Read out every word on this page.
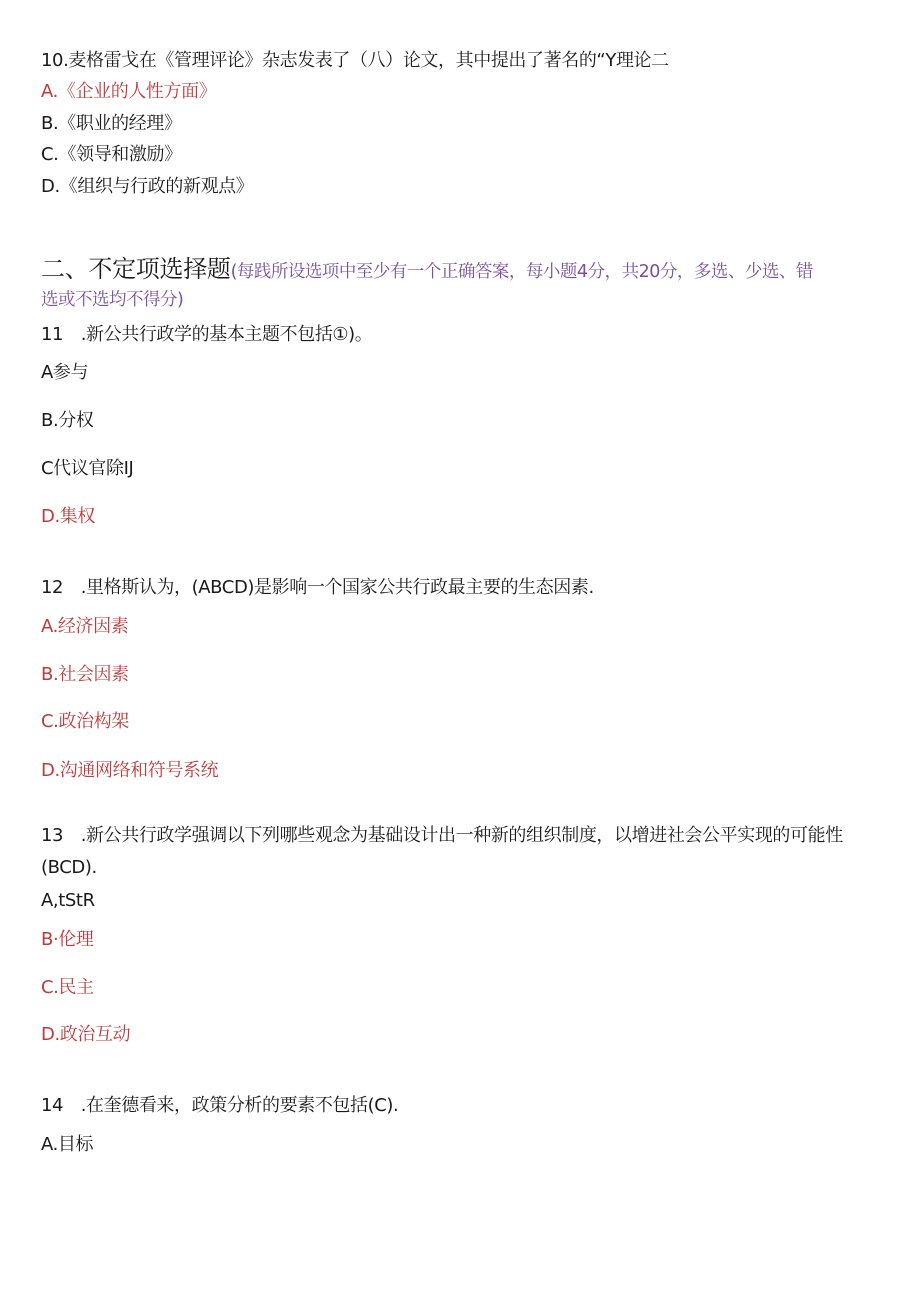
10.麦格雷戈在《管理评论》杂志发表了（八）论文，其中提出了著名的“Y理论二
A.《企业的人性方面》
B.《职业的经理》
C.《领导和激励》
D.《组织与行政的新观点》
二、不定项选择题(每践所设选项中至少有一个正确答案，每小题4分，共20分，多选、少选、错
选或不选均不得分)
11　.新公共行政学的基本主题不包括①)。
A参与
B.分权
C代议官除IJ
D.集权
12　.里格斯认为，(ABCD)是影响一个国家公共行政最主要的生态因素.
A.经济因素
B.社会因素
C.政治构架
D.沟通网络和符号系统
13　.新公共行政学强调以下列哪些观念为基础设计出一种新的组织制度，以增进社会公平实现的可能性
(BCD).
A,tStR
B·伦理
C.民主
D.政治互动
14　.在奎德看来，政策分析的要素不包括(C).
A.目标
